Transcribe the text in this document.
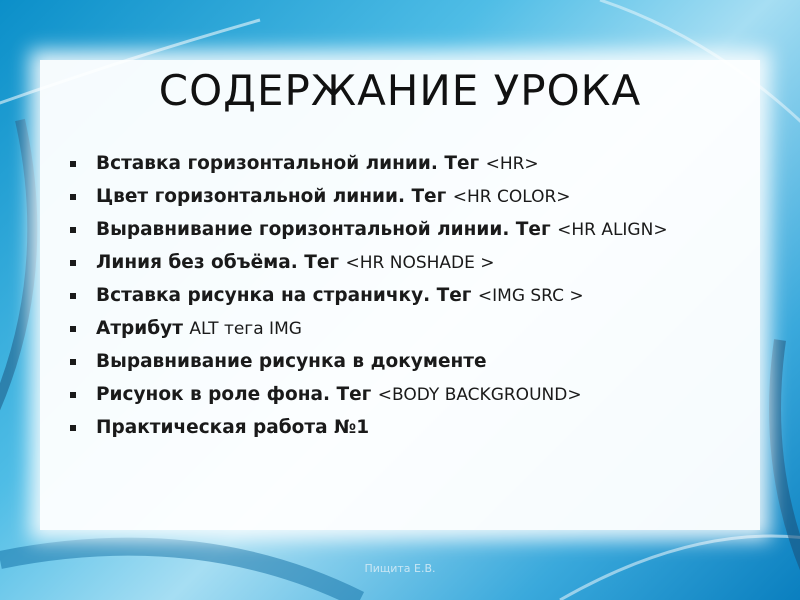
СОДЕРЖАНИЕ УРОКА
Вставка горизонтальной линии. Тег <HR>
Цвет горизонтальной линии. Тег <HR COLOR>
Выравнивание горизонтальной линии. Тег <HR ALIGN>
Линия без объёма. Тег <HR NOSHADE >
Вставка рисунка на страничку. Тег <IMG SRC >
Атрибут ALT тега IMG
Выравнивание рисунка в документе
Рисунок в роле фона. Тег <BODY BACKGROUND>
Практическая работа №1
Пищита Е.В.
